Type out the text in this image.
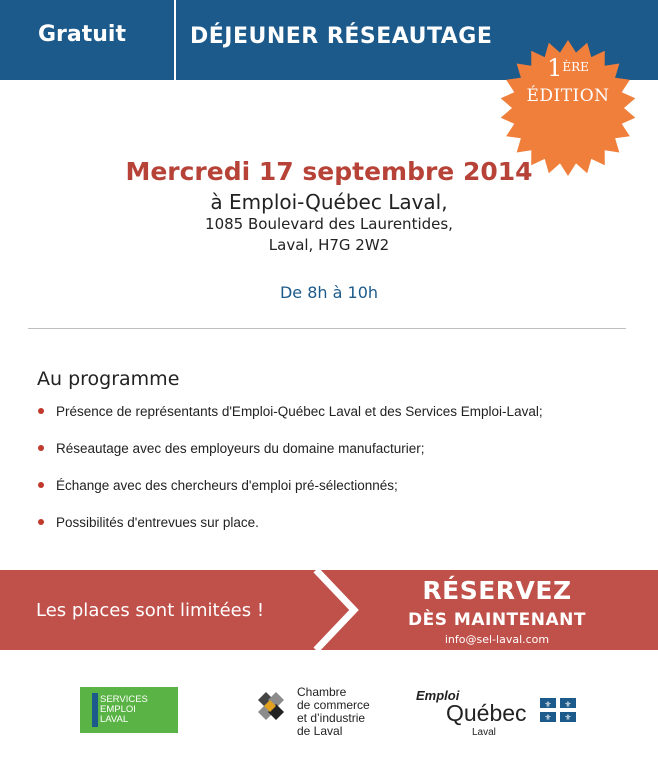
Gratuit	DÉJEUNER RÉSEAUTAGE
1ÈRE
ÉDITION
Mercredi 17 septembre 2014
à Emploi-Québec Laval,
1085 Boulevard des Laurentides,
Laval, H7G 2W2
De 8h à 10h
Au programme
Présence de représentants d'Emploi-Québec Laval et des Services Emploi-Laval;
Réseautage avec des employeurs du domaine manufacturier;
Échange avec des chercheurs d'emploi pré-sélectionnés;
Possibilités d'entrevues sur place.
Les places sont limitées !
RÉSERVEZ
DÈS MAINTENANT
info@sel-laval.com
SERVICES
EMPLOI
LAVAL
Chambre
de commerce
et d’industrie
de Laval
Emploi
Québec
Laval
⚜ ⚜
⚜ ⚜
